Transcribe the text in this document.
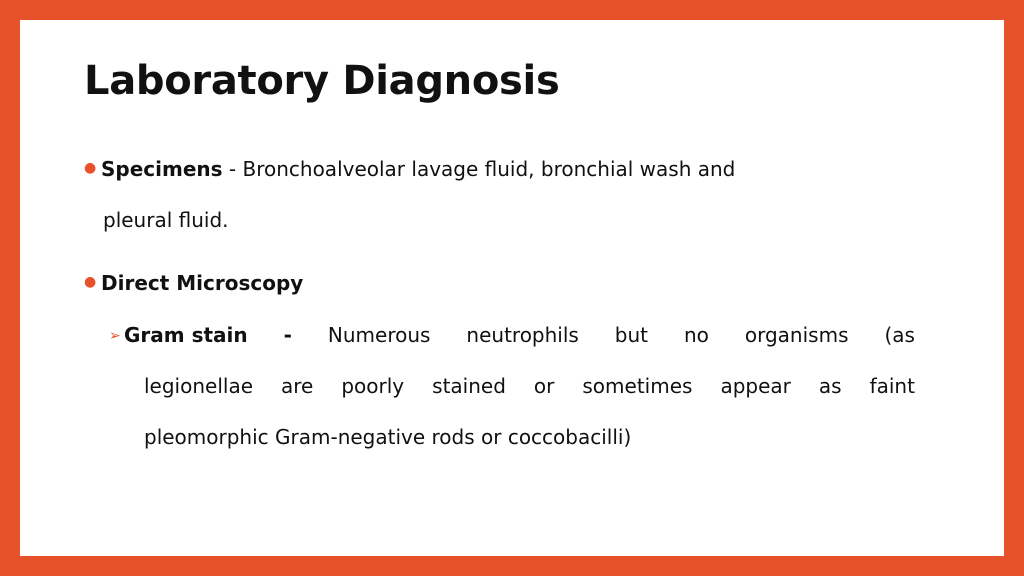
Laboratory Diagnosis
● Specimens - Bronchoalveolar lavage fluid, bronchial wash and
pleural fluid.
● Direct Microscopy
➢ Gram stain - Numerous neutrophils but no organisms (as
legionellae are poorly stained or sometimes appear as faint
pleomorphic Gram-negative rods or coccobacilli)
